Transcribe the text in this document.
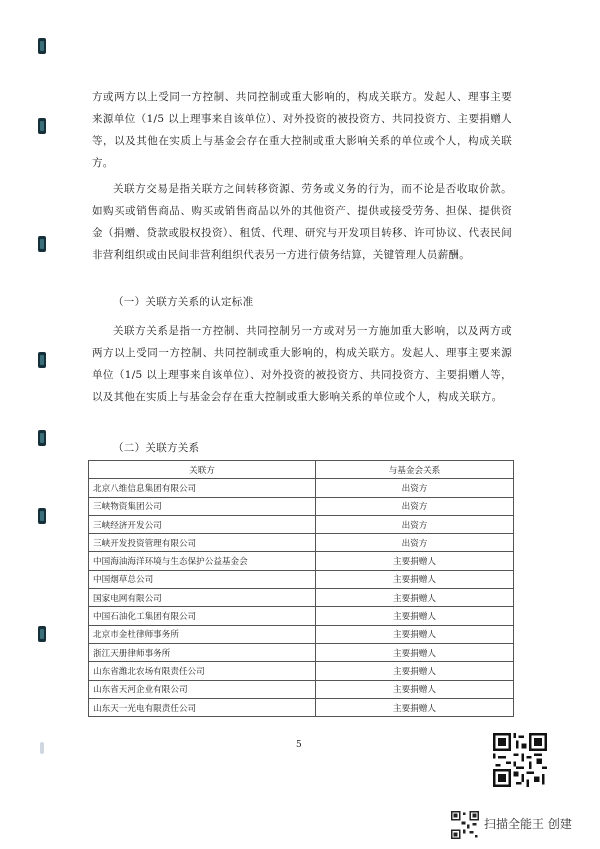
方或两方以上受同一方控制、共同控制或重大影响的，构成关联方。发起人、理事主要来源单位（1/5 以上理事来自该单位）、对外投资的被投资方、共同投资方、主要捐赠人等，以及其他在实质上与基金会存在重大控制或重大影响关系的单位或个人，构成关联方。

关联方交易是指关联方之间转移资源、劳务或义务的行为，而不论是否收取价款。如购买或销售商品、购买或销售商品以外的其他资产、提供或接受劳务、担保、提供资金（捐赠、贷款或股权投资）、租赁、代理、研究与开发项目转移、许可协议、代表民间非营利组织或由民间非营利组织代表另一方进行债务结算，关键管理人员薪酬。

（一）关联方关系的认定标准

关联方关系是指一方控制、共同控制另一方或对另一方施加重大影响，以及两方或两方以上受同一方控制、共同控制或重大影响的，构成关联方。发起人、理事主要来源单位（1/5 以上理事来自该单位）、对外投资的被投资方、共同投资方、主要捐赠人等，以及其他在实质上与基金会存在重大控制或重大影响关系的单位或个人，构成关联方。

（二）关联方关系

关联方	与基金会关系
北京八维信息集团有限公司	出资方
三峡物资集团公司	出资方
三峡经济开发公司	出资方
三峡开发投资管理有限公司	出资方
中国海油海洋环境与生态保护公益基金会	主要捐赠人
中国烟草总公司	主要捐赠人
国家电网有限公司	主要捐赠人
中国石油化工集团有限公司	主要捐赠人
北京市金杜律师事务所	主要捐赠人
浙江天册律师事务所	主要捐赠人
山东省潍北农场有限责任公司	主要捐赠人
山东省天河企业有限公司	主要捐赠人
山东天一光电有限责任公司	主要捐赠人
5
扫描全能王 创建
